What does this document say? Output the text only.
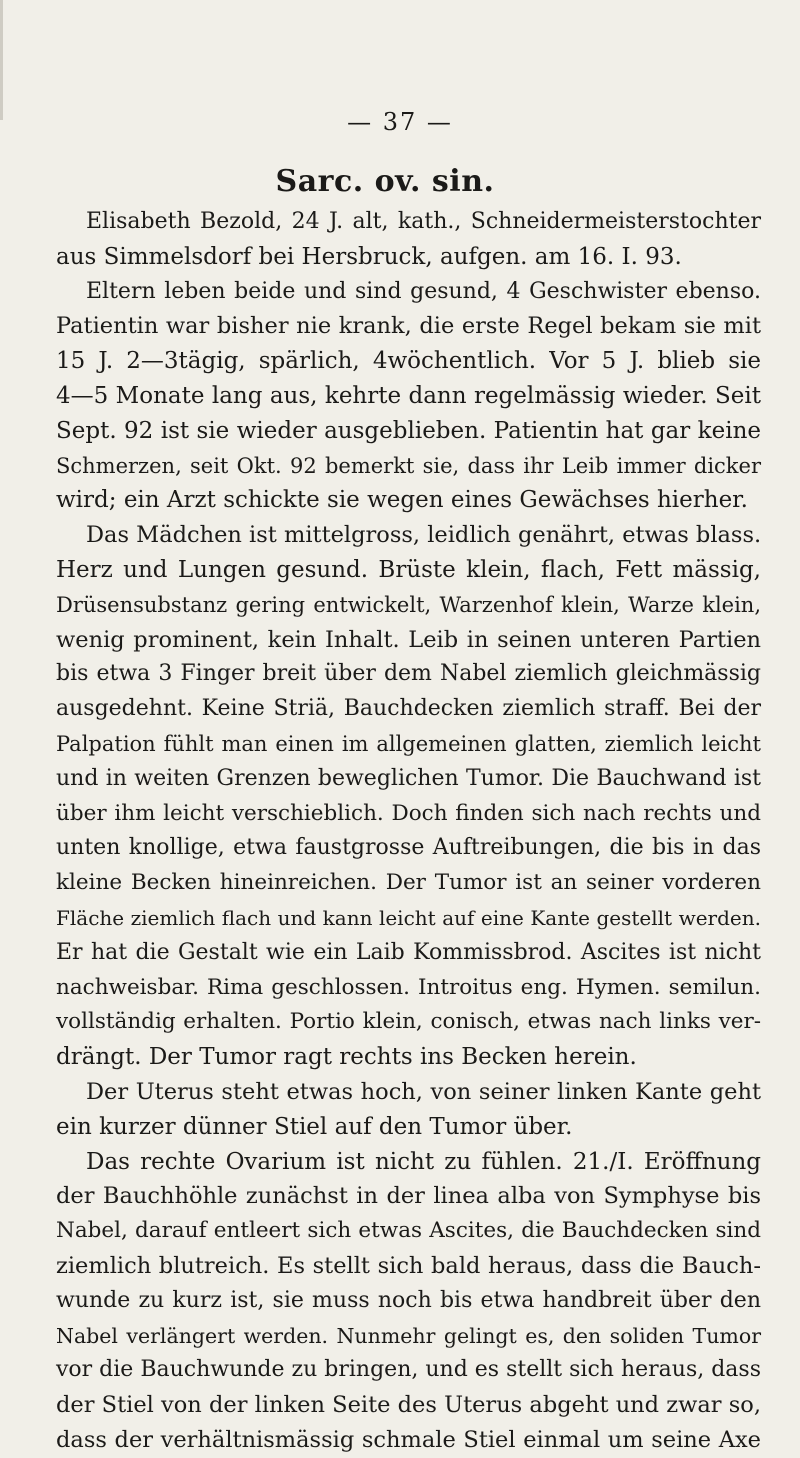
— 37 —
Sarc. ov. sin.
Elisabeth Bezold, 24 J. alt, kath., Schneidermeisterstochter
aus Simmelsdorf bei Hersbruck, aufgen. am 16. I. 93.
Eltern leben beide und sind gesund, 4 Geschwister ebenso.
Patientin war bisher nie krank, die erste Regel bekam sie mit
15 J. 2—3tägig, spärlich, 4wöchentlich. Vor 5 J. blieb sie
4—5 Monate lang aus, kehrte dann regelmässig wieder. Seit
Sept. 92 ist sie wieder ausgeblieben. Patientin hat gar keine
Schmerzen, seit Okt. 92 bemerkt sie, dass ihr Leib immer dicker
wird; ein Arzt schickte sie wegen eines Gewächses hierher.
Das Mädchen ist mittelgross, leidlich genährt, etwas blass.
Herz und Lungen gesund. Brüste klein, flach, Fett mässig,
Drüsensubstanz gering entwickelt, Warzenhof klein, Warze klein,
wenig prominent, kein Inhalt. Leib in seinen unteren Partien
bis etwa 3 Finger breit über dem Nabel ziemlich gleichmässig
ausgedehnt. Keine Striä, Bauchdecken ziemlich straff. Bei der
Palpation fühlt man einen im allgemeinen glatten, ziemlich leicht
und in weiten Grenzen beweglichen Tumor. Die Bauchwand ist
über ihm leicht verschieblich. Doch finden sich nach rechts und
unten knollige, etwa faustgrosse Auftreibungen, die bis in das
kleine Becken hineinreichen. Der Tumor ist an seiner vorderen
Fläche ziemlich flach und kann leicht auf eine Kante gestellt werden.
Er hat die Gestalt wie ein Laib Kommissbrod. Ascites ist nicht
nachweisbar. Rima geschlossen. Introitus eng. Hymen. semilun.
vollständig erhalten. Portio klein, conisch, etwas nach links ver-
drängt. Der Tumor ragt rechts ins Becken herein.
Der Uterus steht etwas hoch, von seiner linken Kante geht
ein kurzer dünner Stiel auf den Tumor über.
Das rechte Ovarium ist nicht zu fühlen. 21./I. Eröffnung
der Bauchhöhle zunächst in der linea alba von Symphyse bis
Nabel, darauf entleert sich etwas Ascites, die Bauchdecken sind
ziemlich blutreich. Es stellt sich bald heraus, dass die Bauch-
wunde zu kurz ist, sie muss noch bis etwa handbreit über den
Nabel verlängert werden. Nunmehr gelingt es, den soliden Tumor
vor die Bauchwunde zu bringen, und es stellt sich heraus, dass
der Stiel von der linken Seite des Uterus abgeht und zwar so,
dass der verhältnismässig schmale Stiel einmal um seine Axe
